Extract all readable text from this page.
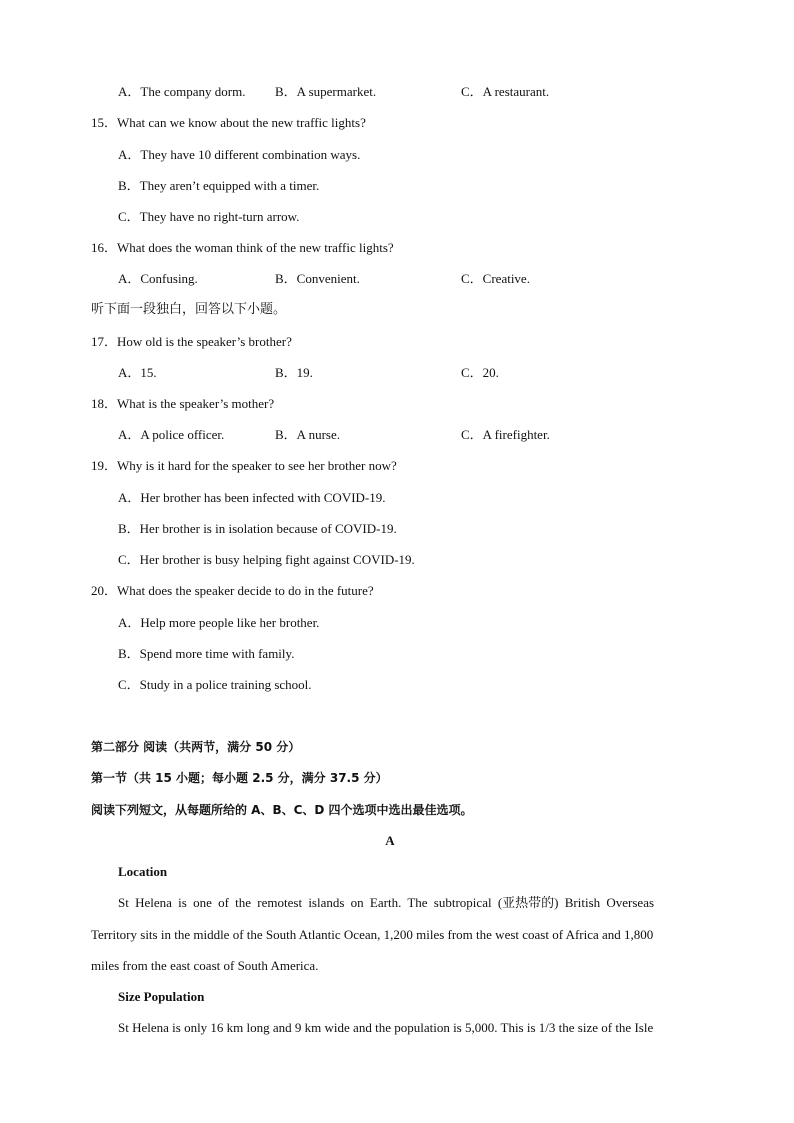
A．The company dorm. B．A supermarket.	C．A restaurant.
15．What can we know about the new traffic lights?
A．They have 10 different combination ways.
B．They aren’t equipped with a timer.
C．They have no right-turn arrow.
16．What does the woman think of the new traffic lights?
A．Confusing.	B．Convenient.	C．Creative.
听下面一段独白，回答以下小题。
17．How old is the speaker’s brother?
A．15.	B．19.	C．20.
18．What is the speaker’s mother?
A．A police officer.	B．A nurse.	C．A firefighter.
19．Why is it hard for the speaker to see her brother now?
A．Her brother has been infected with COVID-19.
B．Her brother is in isolation because of COVID-19.
C．Her brother is busy helping fight against COVID-19.
20．What does the speaker decide to do in the future?
A．Help more people like her brother.
B．Spend more time with family.
C．Study in a police training school.
第二部分 阅读（共两节，满分 50 分）
第一节（共 15 小题；每小题 2.5 分，满分 37.5 分）
阅读下列短文，从每题所给的 A、B、C、D 四个选项中选出最佳选项。
A
Location
St Helena is one of the remotest islands on Earth. The subtropical (亚热带的) British Overseas
Territory sits in the middle of the South Atlantic Ocean, 1,200 miles from the west coast of Africa and 1,800
miles from the east coast of South America.
Size Population
St Helena is only 16 km long and 9 km wide and the population is 5,000. This is 1/3 the size of the Isle
